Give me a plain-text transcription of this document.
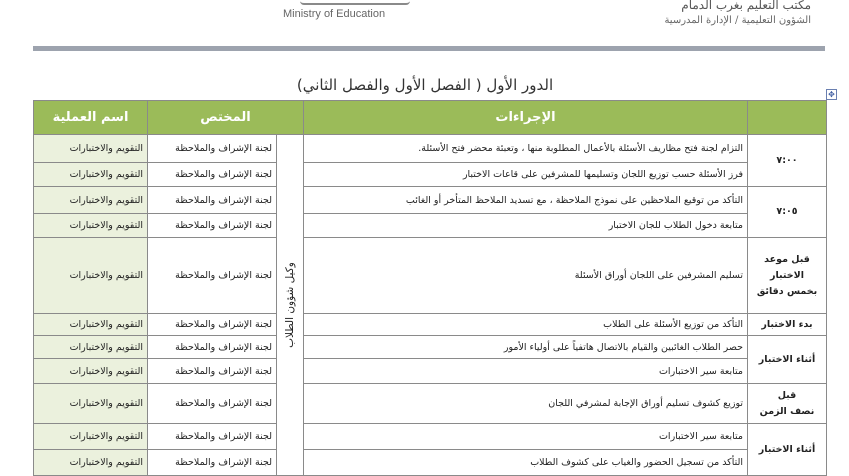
Ministry of Education
مكتب التعليم بغرب الدمام
الشؤون التعليمية / الإدارة المدرسية
الدور الأول ( الفصل الأول والفصل الثاني)
✥
	الإجراءات	المختص		اسم العملية
٧:٠٠	التزام لجنة فتح مظاريف الأسئلة بالأعمال المطلوبة منها ، وتعبئة محضر فتح الأسئلة.	وكيل شؤون الطلاب	لجنة الإشراف والملاحظة	التقويم والاختبارات
	فرز الأسئلة حسب توزيع اللجان وتسليمها للمشرفين على قاعات الاختبار		لجنة الإشراف والملاحظة	التقويم والاختبارات
٧:٠٥	التأكد من توقيع الملاحظين على نموذج الملاحظة ، مع تسديد الملاحظ المتأخر أو الغائب		لجنة الإشراف والملاحظة	التقويم والاختبارات
	متابعة دخول الطلاب للجان الاختبار		لجنة الإشراف والملاحظة	التقويم والاختبارات
قبل موعد
الاختبار
بخمس دقائق	تسليم المشرفين على اللجان أوراق الأسئلة		لجنة الإشراف والملاحظة	التقويم والاختبارات
بدء الاختبار	التأكد من توزيع الأسئلة على الطلاب		لجنة الإشراف والملاحظة	التقويم والاختبارات
أثناء الاختبار	حصر الطلاب الغائبين والقيام بالاتصال هاتفياً على أولياء الأمور		لجنة الإشراف والملاحظة	التقويم والاختبارات
	متابعة سير الاختبارات		لجنة الإشراف والملاحظة	التقويم والاختبارات
قبل
نصف الزمن	توزيع كشوف تسليم أوراق الإجابة لمشرفي اللجان		لجنة الإشراف والملاحظة	التقويم والاختبارات
أثناء الاختبار	متابعة سير الاختبارات		لجنة الإشراف والملاحظة	التقويم والاختبارات
	التأكد من تسجيل الحضور والغياب على كشوف الطلاب		لجنة الإشراف والملاحظة	التقويم والاختبارات
